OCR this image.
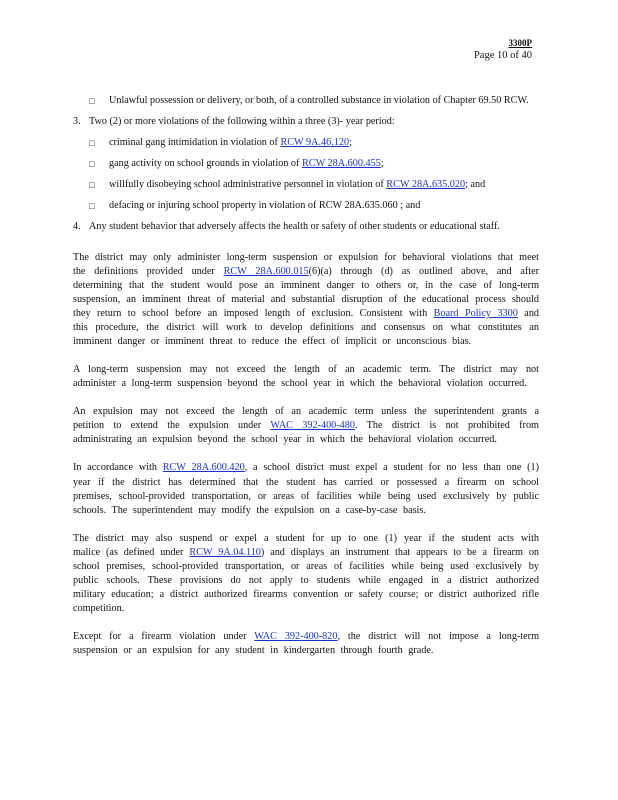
3300P
Page 10 of 40
□ Unlawful possession or delivery, or both, of a controlled substance in violation of Chapter 69.50 RCW.
3. Two (2) or more violations of the following within a three (3)- year period:
□ criminal gang intimidation in violation of RCW 9A.46.120;
□ gang activity on school grounds in violation of RCW 28A.600.455;
□ willfully disobeying school administrative personnel in violation of RCW 28A.635.020; and
□ defacing or injuring school property in violation of RCW 28A.635.060 ; and
4. Any student behavior that adversely affects the health or safety of other students or educational staff.

The district may only administer long-term suspension or expulsion for behavioral violations that meet the definitions provided under RCW 28A.600.015(6)(a) through (d) as outlined above, and after determining that the student would pose an imminent danger to others or, in the case of long-term suspension, an imminent threat of material and substantial disruption of the educational process should they return to school before an imposed length of exclusion. Consistent with Board Policy 3300 and this procedure, the district will work to develop definitions and consensus on what constitutes an imminent danger or imminent threat to reduce the effect of implicit or unconscious bias.

A long-term suspension may not exceed the length of an academic term. The district may not administer a long-term suspension beyond the school year in which the behavioral violation occurred.

An expulsion may not exceed the length of an academic term unless the superintendent grants a petition to extend the expulsion under WAC 392-400-480. The district is not prohibited from administrating an expulsion beyond the school year in which the behavioral violation occurred.

In accordance with RCW 28A.600.420, a school district must expel a student for no less than one (1) year if the district has determined that the student has carried or possessed a firearm on school premises, school-provided transportation, or areas of facilities while being used exclusively by public schools. The superintendent may modify the expulsion on a case-by-case basis.

The district may also suspend or expel a student for up to one (1) year if the student acts with malice (as defined under RCW 9A.04.110) and displays an instrument that appears to be a firearm on school premises, school-provided transportation, or areas of facilities while being used exclusively by public schools. These provisions do not apply to students while engaged in a district authorized military education; a district authorized firearms convention or safety course; or district authorized rifle competition.

Except for a firearm violation under WAC 392-400-820, the district will not impose a long-term suspension or an expulsion for any student in kindergarten through fourth grade.
